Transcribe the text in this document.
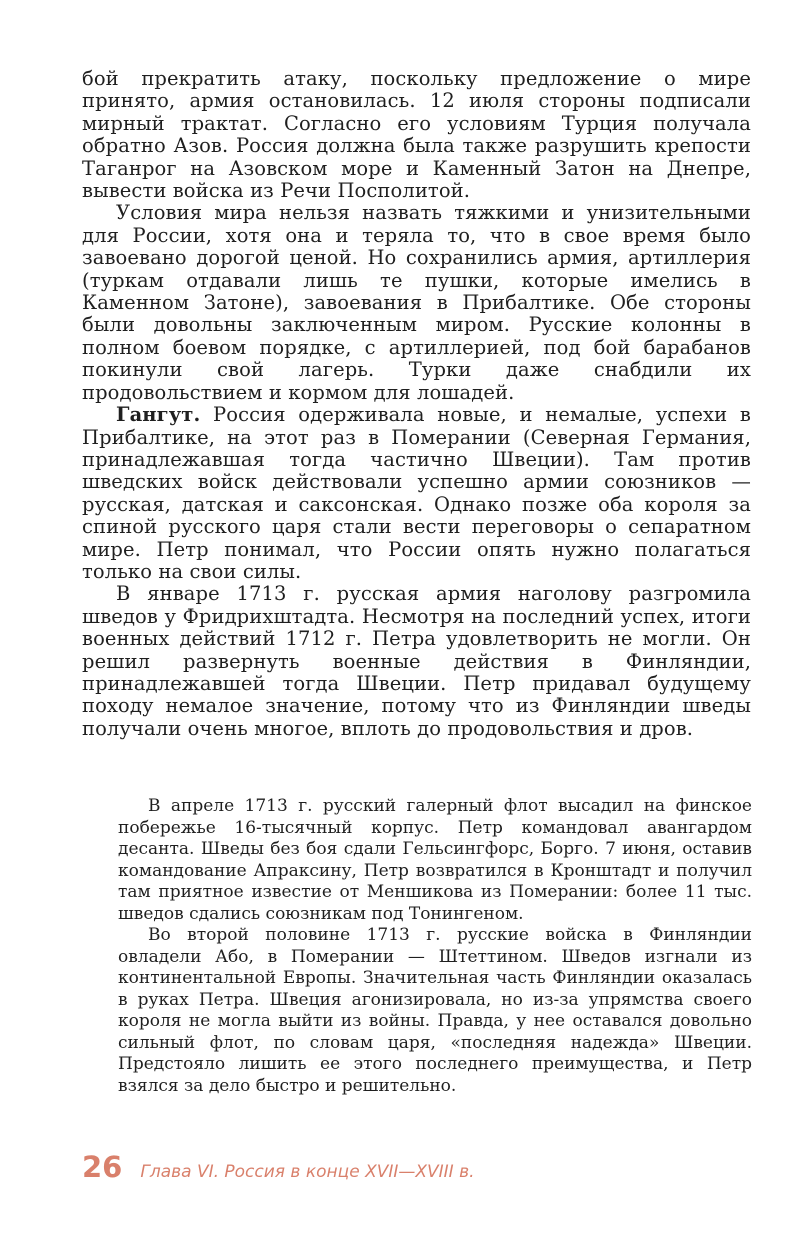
бой прекратить атаку, поскольку предложение о мире принято, армия остановилась. 12 июля стороны подписали мирный трактат. Согласно его условиям Турция получала обратно Азов. Россия должна была также разрушить крепости Таганрог на Азовском море и Каменный Затон на Днепре, вывести войска из Речи Посполитой.

Условия мира нельзя назвать тяжкими и унизительными для России, хотя она и теряла то, что в свое время было завоевано дорогой ценой. Но сохранились армия, артиллерия (туркам отдавали лишь те пушки, которые имелись в Каменном Затоне), завоевания в Прибалтике. Обе стороны были довольны заключенным миром. Русские колонны в полном боевом порядке, с артиллерией, под бой барабанов покинули свой лагерь. Турки даже снабдили их продовольствием и кормом для лошадей.

Гангут. Россия одерживала новые, и немалые, успехи в Прибалтике, на этот раз в Померании (Северная Германия, принадлежавшая тогда частично Швеции). Там против шведских войск действовали успешно армии союзников — русская, датская и саксонская. Однако позже оба короля за спиной русского царя стали вести переговоры о сепаратном мире. Петр понимал, что России опять нужно полагаться только на свои силы.

В январе 1713 г. русская армия наголову разгромила шведов у Фридрихштадта. Несмотря на последний успех, итоги военных действий 1712 г. Петра удовлетворить не могли. Он решил развернуть военные действия в Финляндии, принадлежавшей тогда Швеции. Петр придавал будущему походу немалое значение, потому что из Финляндии шведы получали очень многое, вплоть до продовольствия и дров.

В апреле 1713 г. русский галерный флот высадил на финское побережье 16-тысячный корпус. Петр командовал авангардом десанта. Шведы без боя сдали Гельсингфорс, Борго. 7 июня, оставив командование Апраксину, Петр возвратился в Кронштадт и получил там приятное известие от Меншикова из Померании: более 11 тыс. шведов сдались союзникам под Тонингеном.

Во второй половине 1713 г. русские войска в Финляндии овладели Або, в Померании — Штеттином. Шведов изгнали из континентальной Европы. Значительная часть Финляндии оказалась в руках Петра. Швеция агонизировала, но из-за упрямства своего короля не могла выйти из войны. Правда, у нее оставался довольно сильный флот, по словам царя, «последняя надежда» Швеции. Предстояло лишить ее этого последнего преимущества, и Петр взялся за дело быстро и решительно.

26 Глава VI. Россия в конце XVII—XVIII в.
